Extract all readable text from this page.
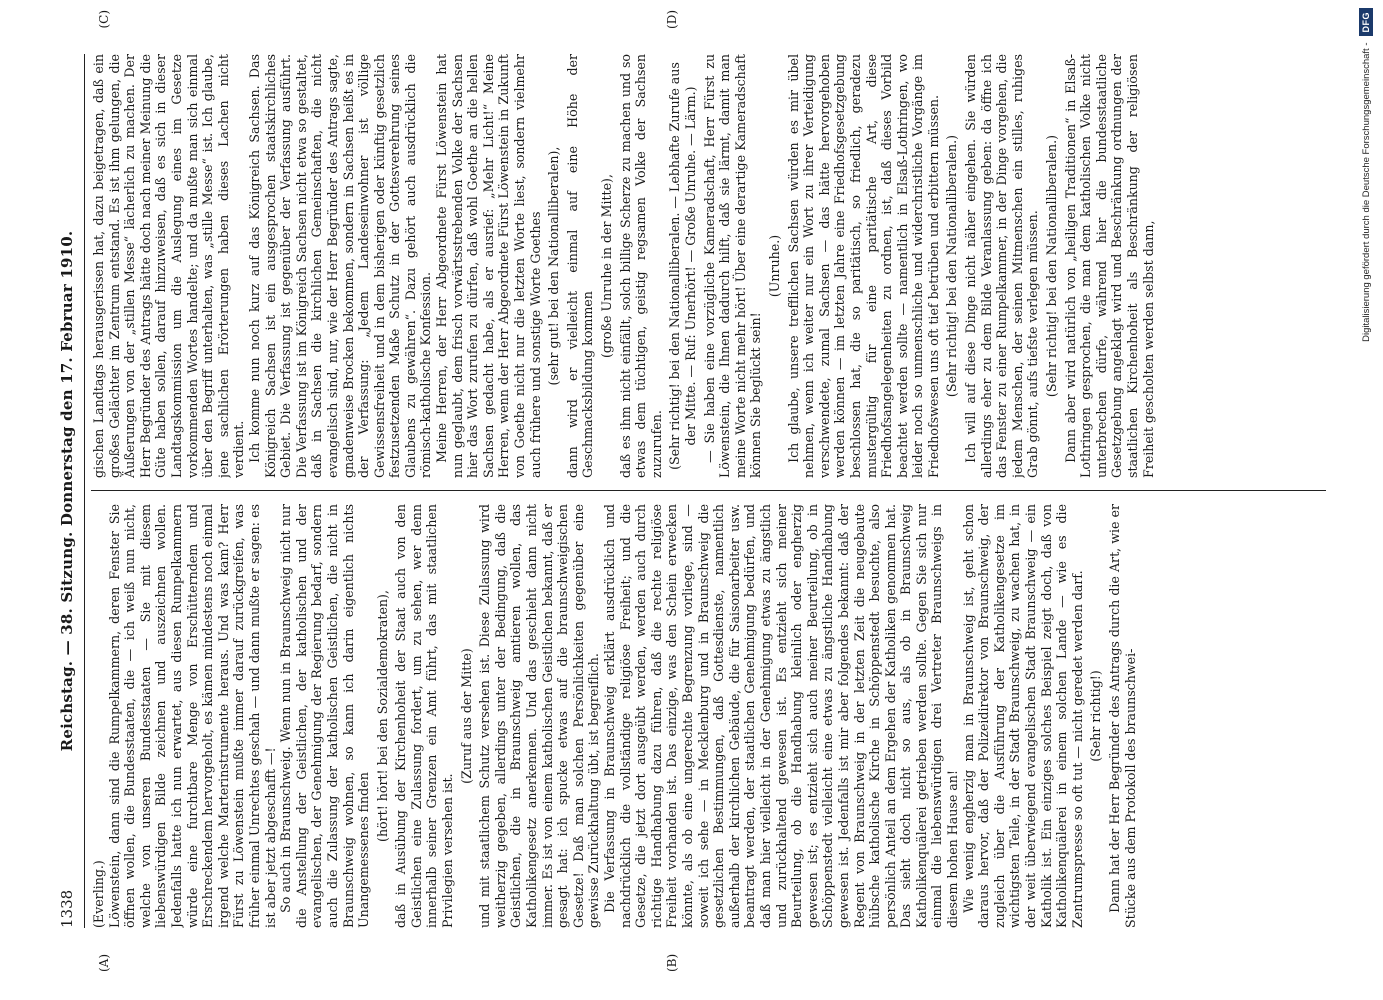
Digitalisierung gefördert durch die Deutsche Forschungsgemeinschaft -
DFG
1338
Reichstag. — 38. Sitzung. Donnerstag den 17. Februar 1910.
(A)	(B)
(C)	(D)

(Everling.) Löwenstein, dann sind die Rumpelkammern, deren Fenster Sie öffnen wollen, die Bundesstaaten, die — ich weiß nun nicht, welche von unseren Bundesstaaten — Sie mit diesem liebenswürdigen Bilde zeichnen und auszeichnen wollen. Jedenfalls hatte ich nun erwartet, aus diesen Rumpelkammern würde eine furchtbare Menge von Erschütterndem und Erschreckendem hervorgeholt, es kämen mindestens noch einmal irgend welche Marterinstrumente heraus. Und was kam? Herr Fürst zu Löwenstein mußte immer darauf zurückgreifen, was früher einmal Unrechtes geschah — und dann mußte er sagen: es ist aber jetzt abgeschafft —! So auch in Braunschweig. Wenn nun in Braunschweig nicht nur die Anstellung der Geistlichen, der katholischen und der evangelischen, der Genehmigung der Regierung bedarf, sondern auch die Zulassung der katholischen Geistlichen, die nicht in Braunschweig wohnen, so kann ich darin eigentlich nichts Unangemessenes finden

(hört! hört! bei den Sozialdemokraten), daß in Ausübung der Kirchenhoheit der Staat auch von den Geistlichen eine Zulassung fordert, um zu sehen, wer denn innerhalb seiner Grenzen ein Amt führt, das mit staatlichen Privilegien versehen ist.

(Zuruf aus der Mitte) und mit staatlichem Schutz versehen ist. Diese Zulassung wird weitherzig gegeben, allerdings unter der Bedingung, daß die Geistlichen, die in Braunschweig amtieren wollen, das Katholikengesetz anerkennen. Und das geschieht dann nicht immer. Es ist von einem katholischen Geistlichen bekannt, daß er gesagt hat: ich spucke etwas auf die braunschweigischen Gesetze! Daß man solchen Persönlichkeiten gegenüber eine gewisse Zurückhaltung übt, ist begreiflich. Die Verfassung in Braunschweig erklärt ausdrücklich und nachdrücklich die vollständige religiöse Freiheit; und die Gesetze, die jetzt dort ausgeübt werden, werden auch durch richtige Handhabung dazu führen, daß die rechte religiöse Freiheit vorhanden ist. Das einzige, was den Schein erwecken könnte, als ob eine ungerechte Begrenzung vorliege, sind — soweit ich sehe — in Mecklenburg und in Braunschweig die gesetzlichen Bestimmungen, daß Gottesdienste, namentlich außerhalb der kirchlichen Gebäude, die für Saisonarbeiter usw. beantragt werden, der staatlichen Genehmigung bedürfen, und daß man hier vielleicht in der Genehmigung etwas zu ängstlich und zurückhaltend gewesen ist. Es entzieht sich meiner Beurteilung, ob die Handhabung kleinlich oder engherzig gewesen ist; es entzieht sich auch meiner Beurteilung, ob in Schöppenstedt vielleicht eine etwas zu ängstliche Handhabung gewesen ist. Jedenfalls ist mir aber folgendes bekannt: daß der Regent von Braunschweig in der letzten Zeit die neugebaute hübsche katholische Kirche in Schöppenstedt besuchte, also persönlich Anteil an dem Ergehen der Katholiken genommen hat. Das sieht doch nicht so aus, als ob in Braunschweig Katholikenquälerei getrieben werden sollte. Gegen Sie sich nur einmal die liebenswürdigen drei Vertreter Braunschweigs in diesem hohen Hause an! Wie wenig engherzig man in Braunschweig ist, geht schon daraus hervor, daß der Polizeidirektor von Braunschweig, der zugleich über die Ausführung der Katholikengesetze im wichtigsten Teile, in der Stadt Braunschweig, zu wachen hat, in der weit überwiegend evangelischen Stadt Braunschweig — ein Katholik ist. Ein einziges solches Beispiel zeigt doch, daß von Katholikenquälerei in einem solchen Lande — wie es die Zentrumspresse so oft tut — nicht geredet werden darf. (Sehr richtig!) Dann hat der Herr Begründer des Antrags durch die Art, wie er Stücke aus dem Protokoll des braunschwei-

gischen Landtags herausgerissen hat, dazu beigetragen, daß ein großes Gelächter im Zentrum entstand. Es ist ihm gelungen, die Äußerungen von der „stillen Messe“ lächerlich zu machen. Der Herr Begründer des Antrags hätte doch nach meiner Meinung die Güte haben sollen, darauf hinzuweisen, daß es sich in dieser Landtagskommission um die Auslegung eines im Gesetze vorkommenden Wortes handelte; und da mußte man sich einmal über den Begriff unterhalten, was „stille Messe“ ist. Ich glaube, jene sachlichen Erörterungen haben dieses Lachen nicht verdient. Ich komme nun noch kurz auf das Königreich Sachsen. Das Königreich Sachsen ist ein ausgesprochen staatskirchliches Gebiet. Die Verfassung ist gegenüber der Verfassung ausführt. Die Verfassung ist im Königreich Sachsen nicht etwa so gestaltet, daß in Sachsen die kirchlichen Gemeinschaften, die nicht evangelisch sind, nur, wie der Herr Begründer des Antrags sagte, gnadenweise Brocken bekommen, sondern in Sachsen heißt es in der Verfassung: „Jedem Landeseinwohner ist völlige Gewissensfreiheit und in dem bisherigen oder künftig gesetzlich festzusetzenden Maße Schutz in der Gottesverehrung seines Glaubens zu gewähren“. Dazu gehört auch ausdrücklich die römisch-katholische Konfession. Meine Herren, der Herr Abgeordnete Fürst Löwenstein hat nun geglaubt, dem frisch vorwärtsstrebenden Volke der Sachsen hier das Wort zurufen zu dürfen, daß wohl Goethe an die hellen Sachsen gedacht habe, als er ausrief: „Mehr Licht!“ Meine Herren, wenn der Herr Abgeordnete Fürst Löwenstein in Zukunft von Goethe nicht nur die letzten Worte liest, sondern vielmehr auch frühere und sonstige Worte Goethes (sehr gut! bei den Nationalliberalen), dann wird er vielleicht einmal auf eine Höhe der Geschmacksbildung kommen

(große Unruhe in der Mitte), daß es ihm nicht einfällt, solch billige Scherze zu machen und so etwas dem tüchtigen, geistig regsamen Volke der Sachsen zuzurufen. (Sehr richtig! bei den Nationalliberalen. — Lebhafte Zurufe aus der Mitte. — Ruf: Unerhört! — Große Unruhe. — Lärm.) — Sie haben eine vorzügliche Kameradschaft, Herr Fürst zu Löwenstein, die Ihnen dadurch hilft, daß sie lärmt, damit man meine Worte nicht mehr hört! Über eine derartige Kameradschaft können Sie beglückt sein!

(Unruhe.) Ich glaube, unsere trefflichen Sachsen würden es mir übel nehmen, wenn ich weiter nur ein Wort zu ihrer Verteidigung verschwendete, zumal Sachsen — das hätte hervorgehoben werden können — im letzten Jahre eine Friedhofsgesetzgebung beschlossen hat, die so paritätisch, so friedlich, geradezu mustergültig für eine paritätische Art, diese Friedhofsangelegenheiten zu ordnen, ist, daß dieses Vorbild beachtet werden sollte — namentlich in Elsaß-Lothringen, wo leider noch so unmenschliche und widerchristliche Vorgänge im Friedhofswesen uns oft tief betrüben und erbittern müssen. (Sehr richtig! bei den Nationalliberalen.) Ich will auf diese Dinge nicht näher eingehen. Sie würden allerdings eher zu dem Bilde Veranlassung geben: da öffne ich das Fenster zu einer Rumpelkammer, in der Dinge vorgehen, die jedem Menschen, der seinen Mitmenschen ein stilles, ruhiges Grab gönnt, aufs tiefste verlegen müssen. (Sehr richtig! bei den Nationalliberalen.) Dann aber wird natürlich von „heiligen Traditionen“ in Elsaß-Lothringen gesprochen, die man dem katholischen Volke nicht unterbrechen dürfe, während hier die bundesstaatliche Gesetzgebung angeklagt wird und Beschränkung ordnungen der staatlichen Kirchenhoheit als Beschränkung der religiösen Freiheit gescholten werden selbst dann,
